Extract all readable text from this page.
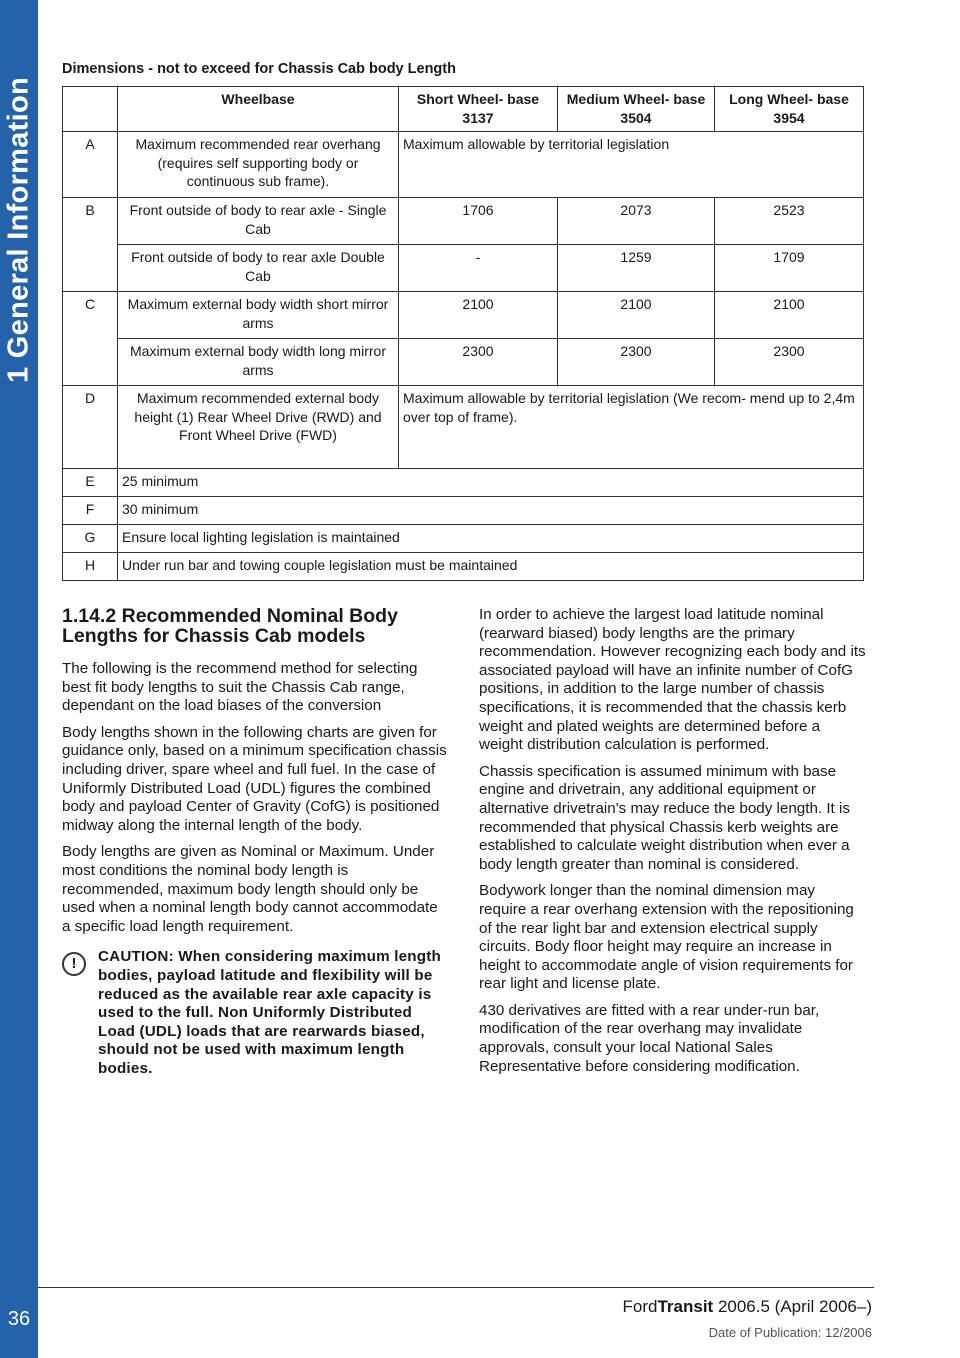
1 General Information
36
Dimensions - not to exceed for Chassis Cab body Length
	Wheelbase	Short Wheel- base 3137	Medium Wheel- base 3504	Long Wheel- base 3954
A	Maximum recommended rear overhang (requires self supporting body or continuous sub frame).	Maximum allowable by territorial legislation		
B	Front outside of body to rear axle - Single Cab	1706	2073	2523
	Front outside of body to rear axle Double Cab	-	1259	1709
C	Maximum external body width short mirror arms	2100	2100	2100
	Maximum external body width long mirror arms	2300	2300	2300
D	Maximum recommended external body height (1) Rear Wheel Drive (RWD) and Front Wheel Drive (FWD)	Maximum allowable by territorial legislation (We recom- mend up to 2,4m over top of frame).		
E	25 minimum			
F	30 minimum			
G	Ensure local lighting legislation is maintained			
H	Under run bar and towing couple legislation must be maintained			
1.14.2 Recommended Nominal Body Lengths for Chassis Cab models

The following is the recommend method for selecting best fit body lengths to suit the Chassis Cab range, dependant on the load biases of the conversion

Body lengths shown in the following charts are given for guidance only, based on a minimum specification chassis including driver, spare wheel and full fuel. In the case of Uniformly Distributed Load (UDL) figures the combined body and payload Center of Gravity (CofG) is positioned midway along the internal length of the body.

Body lengths are given as Nominal or Maximum. Under most conditions the nominal body length is recommended, maximum body length should only be used when a nominal length body cannot accommodate a specific load length requirement.

!	CAUTION: When considering maximum length bodies, payload latitude and flexibility will be reduced as the available rear axle capacity is used to the full. Non Uniformly Distributed Load (UDL) loads that are rearwards biased, should not be used with maximum length bodies.

In order to achieve the largest load latitude nominal (rearward biased) body lengths are the primary recommendation. However recognizing each body and its associated payload will have an infinite number of CofG positions, in addition to the large number of chassis specifications, it is recommended that the chassis kerb weight and plated weights are determined before a weight distribution calculation is performed.

Chassis specification is assumed minimum with base engine and drivetrain, any additional equipment or alternative drivetrain's may reduce the body length. It is recommended that physical Chassis kerb weights are established to calculate weight distribution when ever a body length greater than nominal is considered.

Bodywork longer than the nominal dimension may require a rear overhang extension with the repositioning of the rear light bar and extension electrical supply circuits. Body floor height may require an increase in height to accommodate angle of vision requirements for rear light and license plate.

430 derivatives are fitted with a rear under-run bar, modification of the rear overhang may invalidate approvals, consult your local National Sales Representative before considering modification.

FordTransit 2006.5 (April 2006–)
Date of Publication: 12/2006
